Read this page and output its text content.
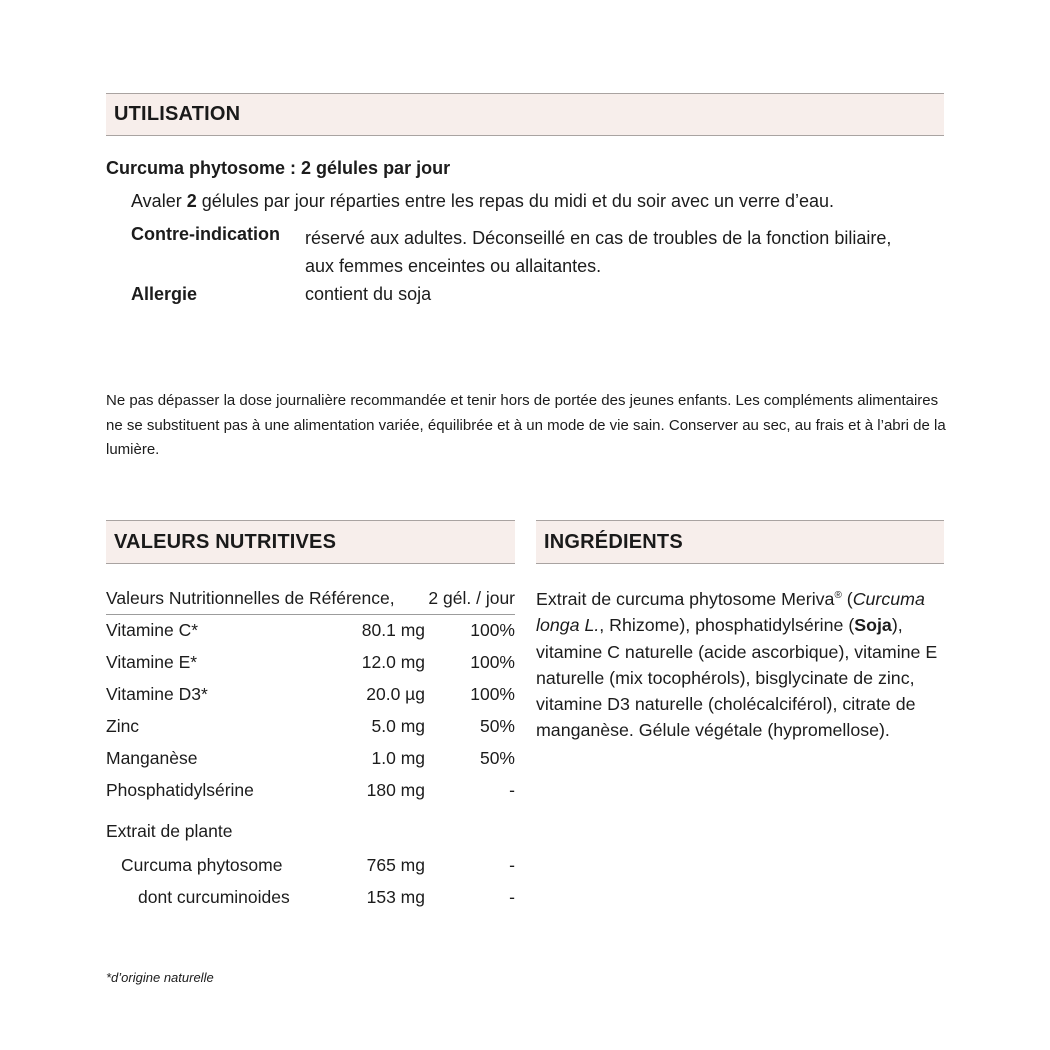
UTILISATION
Curcuma phytosome : 2 gélules par jour
Avaler 2 gélules par jour réparties entre les repas du midi et du soir avec un verre d’eau.
Contre-indication réservé aux adultes. Déconseillé en cas de troubles de la fonction biliaire,
aux femmes enceintes ou allaitantes.
Allergie	contient du soja
Ne pas dépasser la dose journalière recommandée et tenir hors de portée des jeunes enfants. Les compléments alimentaires ne se substituent pas à une alimentation variée, équilibrée et à un mode de vie sain. Conserver au sec, au frais et à l’abri de la lumière.
VALEURS NUTRITIVES
Valeurs Nutritionnelles de Référence, 2 gél. / jour
Vitamine C*	80.1 mg	100%
Vitamine E*	12.0 mg	100%
Vitamine D3*	20.0 µg	100%
Zinc	5.0 mg	50%
Manganèse	1.0 mg	50%
Phosphatidylsérine	180 mg	-
Extrait de plante
Curcuma phytosome	765 mg	-
dont curcuminoides	153 mg	-
INGRÉDIENTS
Extrait de curcuma phytosome Meriva® (Curcuma longa L., Rhizome), phosphatidylsérine (Soja), vitamine C naturelle (acide ascorbique), vitamine E naturelle (mix tocophérols), bisglycinate de zinc, vitamine D3 naturelle (cholécalciférol), citrate de manganèse. Gélule végétale (hypromellose).
*d’origine naturelle
